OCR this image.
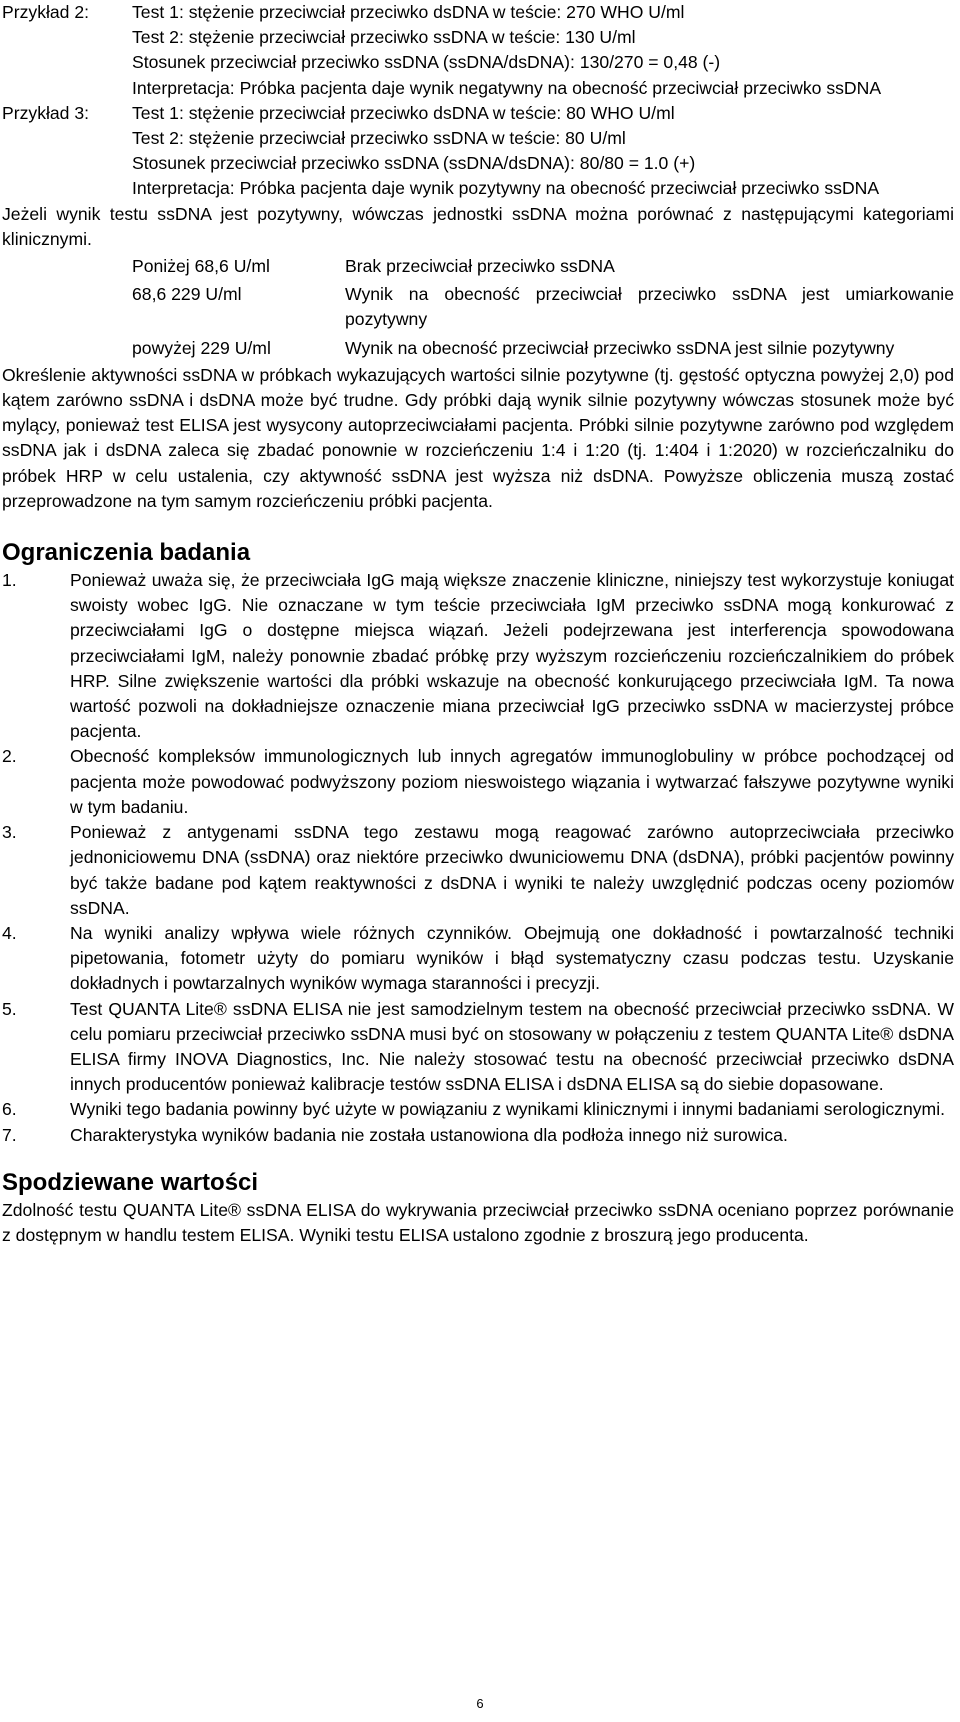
Przykład 2: Test 1: stężenie przeciwciał przeciwko dsDNA w teście: 270 WHO U/ml
Test 2: stężenie przeciwciał przeciwko ssDNA w teście: 130 U/ml
Stosunek przeciwciał przeciwko ssDNA (ssDNA/dsDNA): 130/270 = 0,48 (-)

Interpretacja: Próbka pacjenta daje wynik negatywny na obecność przeciwciał przeciwko ssDNA

Przykład 3: Test 1: stężenie przeciwciał przeciwko dsDNA w teście: 80 WHO U/ml
Test 2: stężenie przeciwciał przeciwko ssDNA w teście: 80 U/ml
Stosunek przeciwciał przeciwko ssDNA (ssDNA/dsDNA): 80/80 = 1.0 (+)

Interpretacja: Próbka pacjenta daje wynik pozytywny na obecność przeciwciał przeciwko ssDNA

Jeżeli wynik testu ssDNA jest pozytywny, wówczas jednostki ssDNA można porównać z następującymi kategoriami klinicznymi.

Poniżej 68,6 U/ml	Brak przeciwciał przeciwko ssDNA
68,6 229 U/ml	Wynik na obecność przeciwciał przeciwko ssDNA jest umiarkowanie pozytywny
powyżej 229 U/ml	Wynik na obecność przeciwciał przeciwko ssDNA jest silnie pozytywny

Określenie aktywności ssDNA w próbkach wykazujących wartości silnie pozytywne (tj. gęstość optyczna powyżej 2,0) pod kątem zarówno ssDNA i dsDNA może być trudne. Gdy próbki dają wynik silnie pozytywny wówczas stosunek może być mylący, ponieważ test ELISA jest wysycony autoprzeciwciałami pacjenta. Próbki silnie pozytywne zarówno pod względem ssDNA jak i dsDNA zaleca się zbadać ponownie w rozcieńczeniu 1:4 i 1:20 (tj. 1:404 i 1:2020) w rozcieńczalniku do próbek HRP w celu ustalenia, czy aktywność ssDNA jest wyższa niż dsDNA. Powyższe obliczenia muszą zostać przeprowadzone na tym samym rozcieńczeniu próbki pacjenta.

Ograniczenia badania
1.	Ponieważ uważa się, że przeciwciała IgG mają większe znaczenie kliniczne, niniejszy test wykorzystuje koniugat swoisty wobec IgG. Nie oznaczane w tym teście przeciwciała IgM przeciwko ssDNA mogą konkurować z przeciwciałami IgG o dostępne miejsca wiązań. Jeżeli podejrzewana jest interferencja spowodowana przeciwciałami IgM, należy ponownie zbadać próbkę przy wyższym rozcieńczeniu rozcieńczalnikiem do próbek HRP. Silne zwiększenie wartości dla próbki wskazuje na obecność konkurującego przeciwciała IgM. Ta nowa wartość pozwoli na dokładniejsze oznaczenie miana przeciwciał IgG przeciwko ssDNA w macierzystej próbce pacjenta.
2.	Obecność kompleksów immunologicznych lub innych agregatów immunoglobuliny w próbce pochodzącej od pacjenta może powodować podwyższony poziom nieswoistego wiązania i wytwarzać fałszywe pozytywne wyniki w tym badaniu.
3.	Ponieważ z antygenami ssDNA tego zestawu mogą reagować zarówno autoprzeciwciała przeciwko jednoniciowemu DNA (ssDNA) oraz niektóre przeciwko dwuniciowemu DNA (dsDNA), próbki pacjentów powinny być także badane pod kątem reaktywności z dsDNA i wyniki te należy uwzględnić podczas oceny poziomów ssDNA.
4.	Na wyniki analizy wpływa wiele różnych czynników. Obejmują one dokładność i powtarzalność techniki pipetowania, fotometr użyty do pomiaru wyników i błąd systematyczny czasu podczas testu. Uzyskanie dokładnych i powtarzalnych wyników wymaga staranności i precyzji.
5.	Test QUANTA Lite® ssDNA ELISA nie jest samodzielnym testem na obecność przeciwciał przeciwko ssDNA. W celu pomiaru przeciwciał przeciwko ssDNA musi być on stosowany w połączeniu z testem QUANTA Lite® dsDNA ELISA firmy INOVA Diagnostics, Inc. Nie należy stosować testu na obecność przeciwciał przeciwko dsDNA innych producentów ponieważ kalibracje testów ssDNA ELISA i dsDNA ELISA są do siebie dopasowane.
6.	Wyniki tego badania powinny być użyte w powiązaniu z wynikami klinicznymi i innymi badaniami serologicznymi.
7.	Charakterystyka wyników badania nie została ustanowiona dla podłoża innego niż surowica.
Spodziewane wartości

Zdolność testu QUANTA Lite® ssDNA ELISA do wykrywania przeciwciał przeciwko ssDNA oceniano poprzez porównanie z dostępnym w handlu testem ELISA. Wyniki testu ELISA ustalono zgodnie z broszurą jego producenta.

6
